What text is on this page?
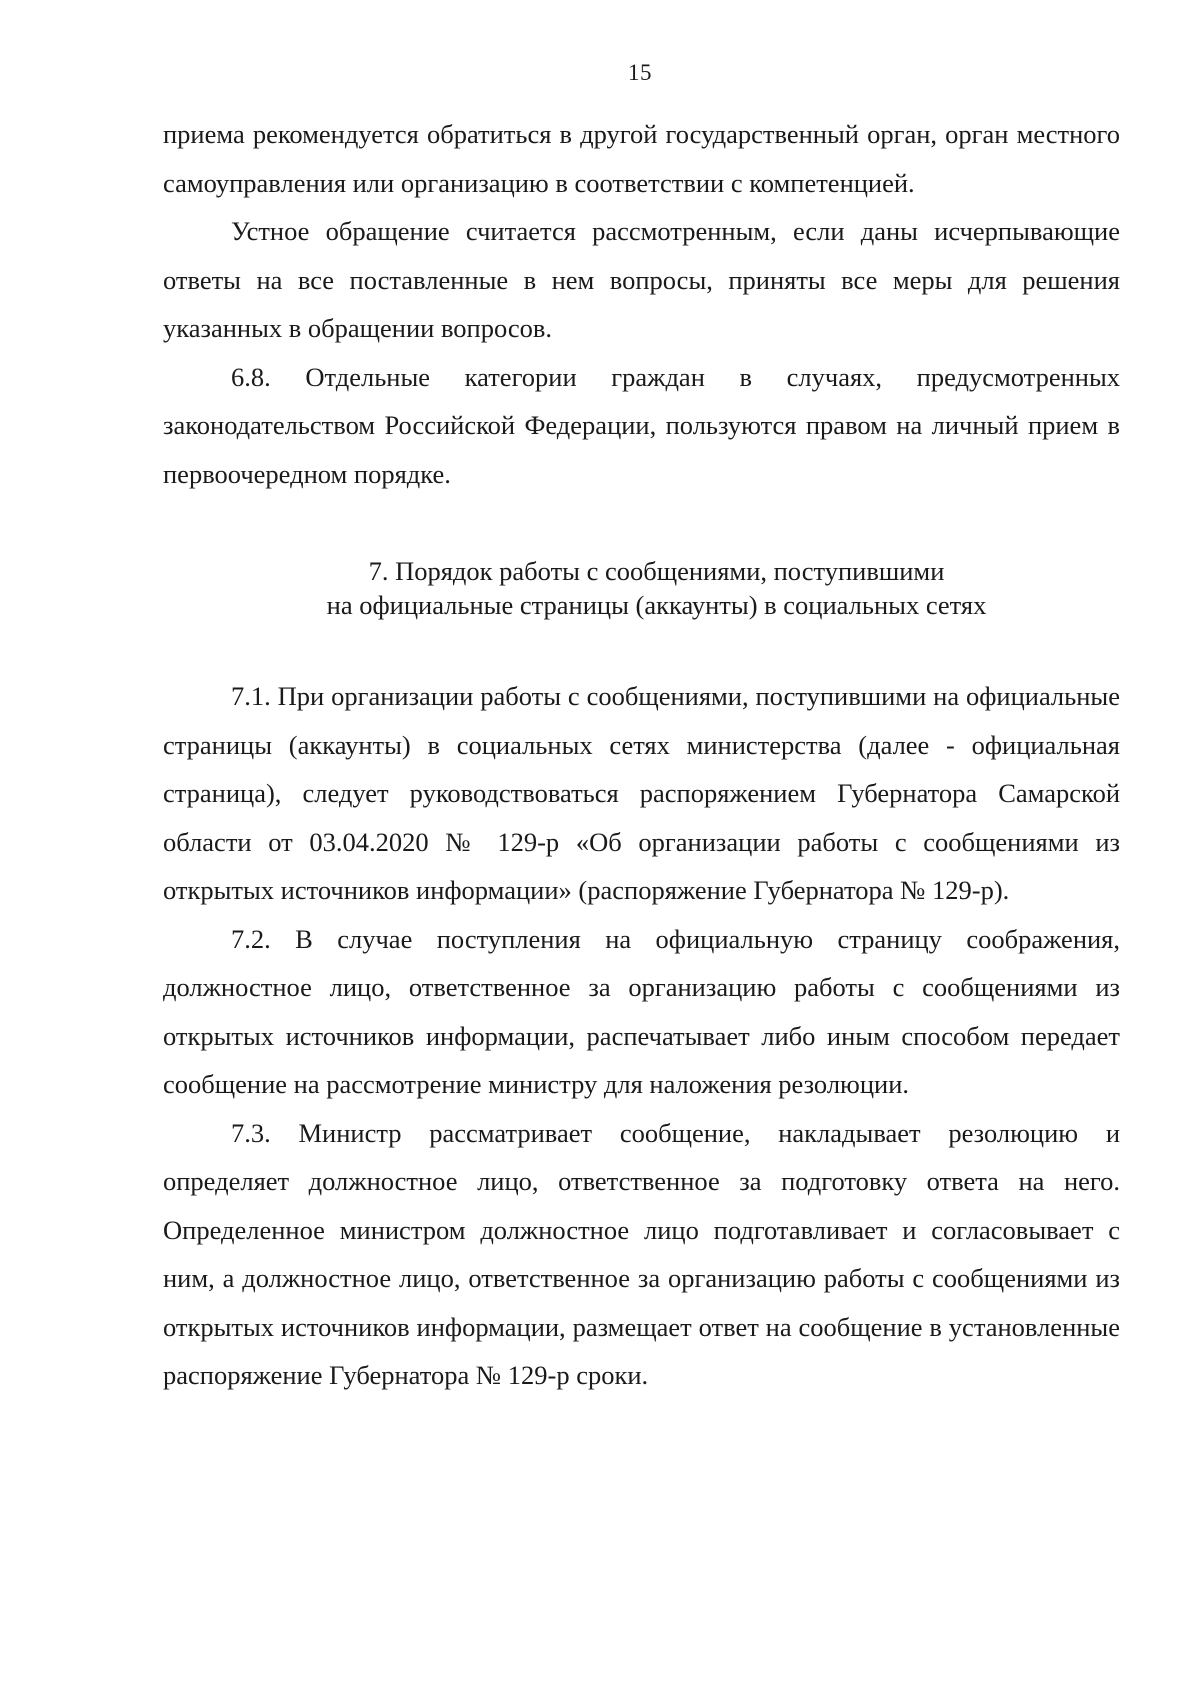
15

приема рекомендуется обратиться в другой государственный орган, орган местного самоуправления или организацию в соответствии с компетенцией.

Устное обращение считается рассмотренным, если даны исчерпывающие ответы на все поставленные в нем вопросы, приняты все меры для решения указанных в обращении вопросов.

6.8. Отдельные категории граждан в случаях, предусмотренных законодательством Российской Федерации, пользуются правом на личный прием в первоочередном порядке.

7. Порядок работы с сообщениями, поступившими
на официальные страницы (аккаунты) в социальных сетях

7.1. При организации работы с сообщениями, поступившими на официальные страницы (аккаунты) в социальных сетях министерства (далее - официальная страница), следует руководствоваться распоряжением Губернатора Самарской области от 03.04.2020 № 129-р «Об организации работы с сообщениями из открытых источников информации» (распоряжение Губернатора № 129-р).

7.2. В случае поступления на официальную страницу соображения, должностное лицо, ответственное за организацию работы с сообщениями из открытых источников информации, распечатывает либо иным способом передает сообщение на рассмотрение министру для наложения резолюции.

7.3. Министр рассматривает сообщение, накладывает резолюцию и определяет должностное лицо, ответственное за подготовку ответа на него. Определенное министром должностное лицо подготавливает и согласовывает с ним, а должностное лицо, ответственное за организацию работы с сообщениями из открытых источников информации, размещает ответ на сообщение в установленные распоряжение Губернатора № 129-р сроки.
